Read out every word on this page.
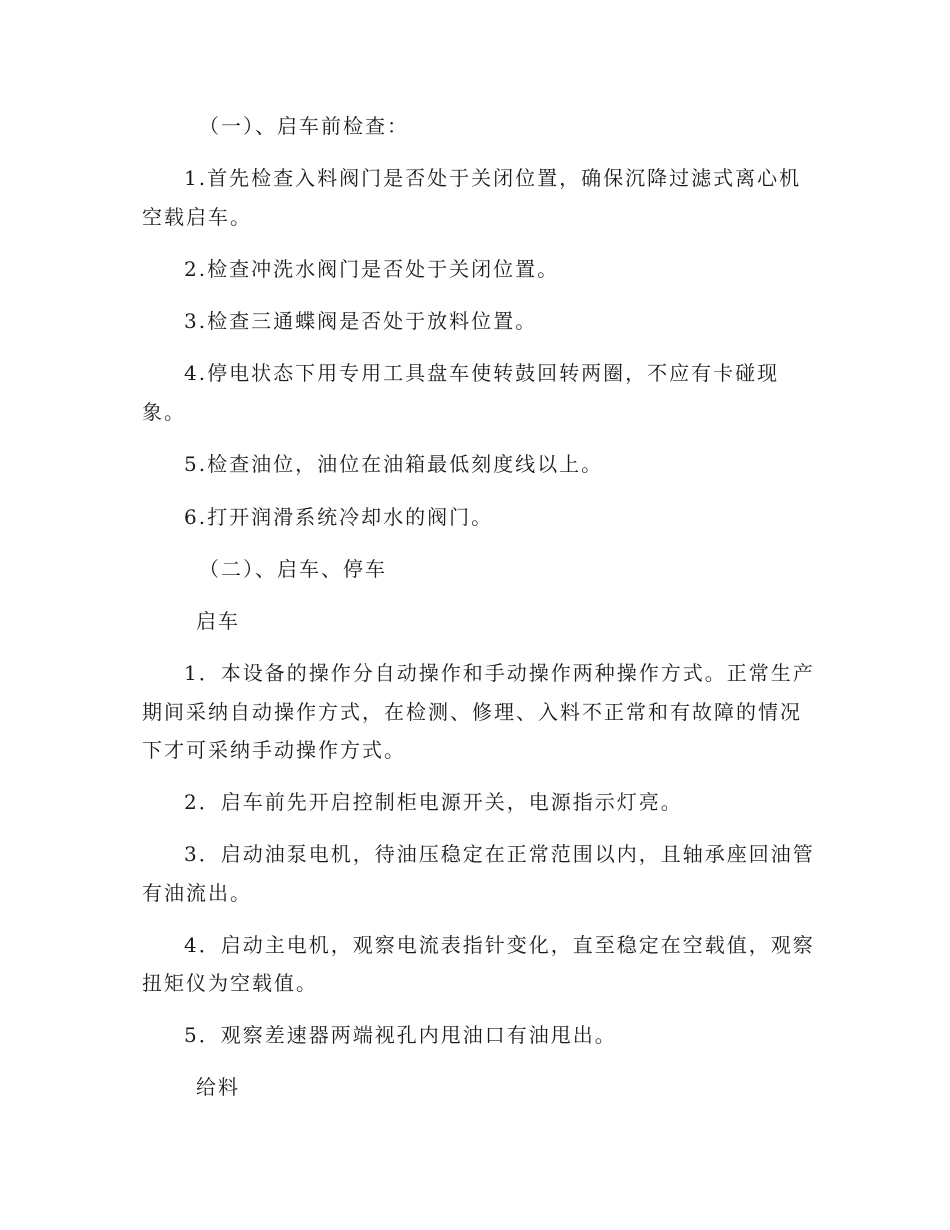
（一）、启车前检查：
1.首先检查入料阀门是否处于关闭位置，确保沉降过滤式离心机
空载启车。
2.检查冲洗水阀门是否处于关闭位置。
3.检查三通蝶阀是否处于放料位置。
4.停电状态下用专用工具盘车使转鼓回转两圈，不应有卡碰现
象。
5.检查油位，油位在油箱最低刻度线以上。
6.打开润滑系统冷却水的阀门。
（二）、启车、停车
启车
1．本设备的操作分自动操作和手动操作两种操作方式。正常生产
期间采纳自动操作方式，在检测、修理、入料不正常和有故障的情况
下才可采纳手动操作方式。
2．启车前先开启控制柜电源开关，电源指示灯亮。
3．启动油泵电机，待油压稳定在正常范围以内，且轴承座回油管
有油流出。
4．启动主电机，观察电流表指针变化，直至稳定在空载值，观察
扭矩仪为空载值。
5．观察差速器两端视孔内甩油口有油甩出。
给料
